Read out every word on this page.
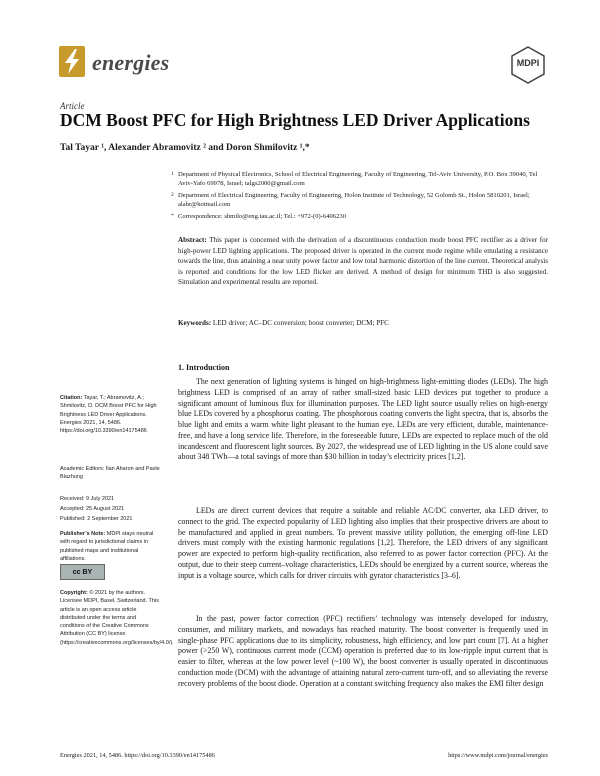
energies	MDPI
Article
DCM Boost PFC for High Brightness LED Driver Applications
Tal Tayar ¹, Alexander Abramovitz ² and Doron Shmilovitz ¹,*
1 Department of Physical Electronics, School of Electrical Engineering, Faculty of Engineering, Tel-Aviv University, P.O. Box 39040, Tel Aviv-Yafo 69978, Israel; talgs2000@gmail.com
2 Department of Electrical Engineering, Faculty of Engineering, Holon Institute of Technology, 52 Golomb St., Holon 5810201, Israel; alabr@hotmail.com
* Correspondence: shmilo@eng.tau.ac.il; Tel.: +972-(0)-6406230
Abstract: This paper is concerned with the derivation of a discontinuous conduction mode boost PFC rectifier as a driver for high-power LED lighting applications. The proposed driver is operated in the current mode regime while emulating a resistance towards the line, thus attaining a near unity power factor and low total harmonic distortion of the line current. Theoretical analysis is reported and conditions for the low LED flicker are derived. A method of design for minimum THD is also suggested. Simulation and experimental results are reported.
Keywords: LED driver; AC–DC conversion; boost converter; DCM; PFC
1. Introduction
The next generation of lighting systems is hinged on high-brightness light-emitting diodes (LEDs). The high brightness LED is comprised of an array of rather small-sized basic LED devices put together to produce a significant amount of luminous flux for illumination purposes. The LED light source usually relies on high-energy blue LEDs covered by a phosphorus coating. The phosphorous coating converts the light spectra, that is, absorbs the blue light and emits a warm white light pleasant to the human eye. LEDs are very efficient, durable, maintenance-free, and have a long service life. Therefore, in the foreseeable future, LEDs are expected to replace much of the old incandescent and fluorescent light sources. By 2027, the widespread use of LED lighting in the US alone could save about 348 TWh—a total savings of more than $30 billion in today’s electricity prices [1,2].
LEDs are direct current devices that require a suitable and reliable AC/DC converter, aka LED driver, to connect to the grid. The expected popularity of LED lighting also implies that their prospective drivers are about to be manufactured and applied in great numbers. To prevent massive utility pollution, the emerging off-line LED drivers must comply with the existing harmonic regulations [1,2]. Therefore, the LED drivers of any significant power are expected to perform high-quality rectification, also referred to as power factor correction (PFC). At the output, due to their steep current–voltage characteristics, LEDs should be energized by a current source, whereas the input is a voltage source, which calls for driver circuits with gyrator characteristics [3–6].
In the past, power factor correction (PFC) rectifiers’ technology was intensely developed for industry, consumer, and military markets, and nowadays has reached maturity. The boost converter is frequently used in single-phase PFC applications due to its simplicity, robustness, high efficiency, and low part count [7]. At a higher power (>250 W), continuous current mode (CCM) operation is preferred due to its low-ripple input current that is easier to filter, whereas at the low power level (~100 W), the boost converter is usually operated in discontinuous conduction mode (DCM) with the advantage of attaining natural zero-current turn-off, and so alleviating the reverse recovery problems of the boost diode. Operation at a constant switching frequency also makes the EMI filter design
Citation: Tayar, T.; Abramovitz, A.; Shmilovitz, D. DCM Boost PFC for High Brightness LED Driver Applications. Energies 2021, 14, 5486. https://doi.org/10.3390/en14175486
Academic Editors: Ilan Aharon and Pavle Blazhung
Received: 9 July 2021
Accepted: 25 August 2021
Published: 2 September 2021
Publisher’s Note: MDPI stays neutral with regard to jurisdictional claims in published maps and institutional affiliations.
cc BY
Copyright: © 2021 by the authors. Licensee MDPI, Basel, Switzerland. This article is an open access article distributed under the terms and conditions of the Creative Commons Attribution (CC BY) license (https://creativecommons.org/licenses/by/4.0/).
Energies 2021, 14, 5486. https://doi.org/10.3390/en14175486	https://www.mdpi.com/journal/energies
